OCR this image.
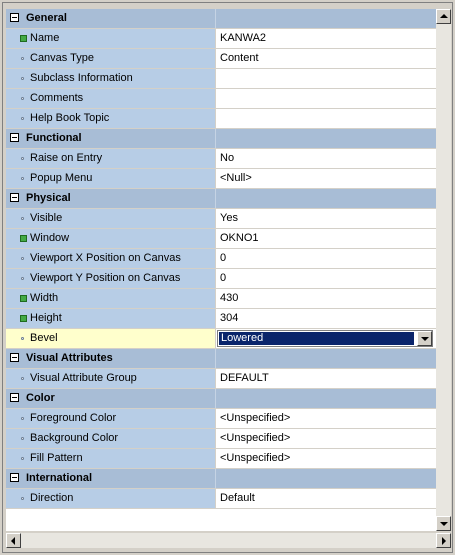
General
Name	KANWA2
Canvas Type	Content
Subclass Information
Comments
Help Book Topic
Functional
Raise on Entry	No
Popup Menu	<Null>
Physical
Visible	Yes
Window	OKNO1
Viewport X Position on Canvas	0
Viewport Y Position on Canvas	0
Width	430
Height	304
Bevel	Lowered
Visual Attributes
Visual Attribute Group	DEFAULT
Color
Foreground Color	<Unspecified>
Background Color	<Unspecified>
Fill Pattern	<Unspecified>
International
Direction	Default
